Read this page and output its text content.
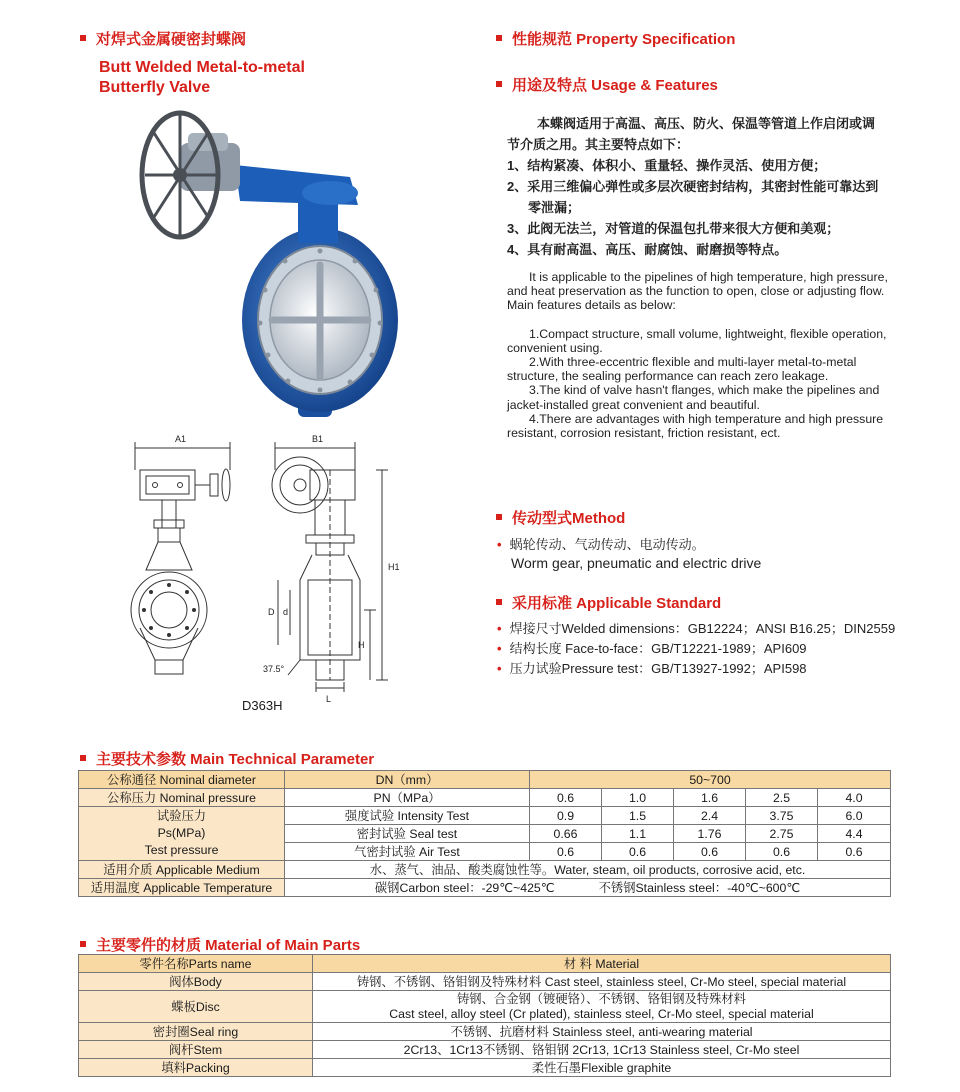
对焊式金属硬密封蝶阀
Butt Welded Metal-to-metal
Butterfly Valve
A1	B1
H1
D d
H
L
37.5°
D363H
性能规范 Property Specification
用途及特点 Usage & Features
本蝶阀适用于高温、高压、防火、保温等管道上作启闭或调
节介质之用。其主要特点如下：
1、结构紧凑、体积小、重量轻、操作灵活、使用方便；
2、采用三维偏心弹性或多层次硬密封结构，其密封性能可靠达到
零泄漏；
3、此阀无法兰，对管道的保温包扎带来很大方便和美观；
4、具有耐高温、高压、耐腐蚀、耐磨损等特点。
It is applicable to the pipelines of high temperature, high pressure, and heat preservation as the function to open, close or adjusting flow. Main features details as below:
1.Compact structure, small volume, lightweight, flexible operation, convenient using.
2.With three-eccentric flexible and multi-layer metal-to-metal structure, the sealing performance can reach zero leakage.
3.The kind of valve hasn't flanges, which make the pipelines and jacket-installed great convenient and beautiful.
4.There are advantages with high temperature and high pressure resistant, corrosion resistant, friction resistant, ect.
传动型式Method
• 蜗轮传动、气动传动、电动传动。
Worm gear, pneumatic and electric drive
采用标准 Applicable Standard
• 焊接尺寸Welded dimensions：GB12224；ANSI B16.25；DIN2559
• 结构长度 Face-to-face：GB/T12221-1989；API609
• 压力试验Pressure test：GB/T13927-1992；API598
主要技术参数 Main Technical Parameter
公称通径 Nominal diameter	DN（mm）	50~700				
公称压力 Nominal pressure	PN（MPa）	0.6	1.0	1.6	2.5	4.0

试验压力
Ps(MPa)
Test pressure	强度试验 Intensity Test	0.9	1.5	2.4	3.75	6.0
	密封试验 Seal test	0.66	1.1	1.76	2.75	4.4
	气密封试验 Air Test	0.6	0.6	0.6	0.6	0.6
适用介质 Applicable Medium	水、蒸气、油品、酸类腐蚀性等。Water, steam, oil products, corrosive acid, etc.					
适用温度 Applicable Temperature	碳钢Carbon steel：-29℃~425℃ 不锈钢Stainless steel：-40℃~600℃					
主要零件的材质 Material of Main Parts
零件名称Parts name	材 料 Material
阀体Body	铸钢、不锈钢、铬钼钢及特殊材料 Cast steel, stainless steel, Cr-Mo steel, special material
蝶板Disc	铸钢、合金钢（镀硬铬）、不锈钢、铬钼钢及特殊材料
Cast steel, alloy steel (Cr plated), stainless steel, Cr-Mo steel, special material

密封圈Seal ring	不锈钢、抗磨材料 Stainless steel, anti-wearing material
阀杆Stem	2Cr13、1Cr13不锈钢、铬钼钢 2Cr13, 1Cr13 Stainless steel, Cr-Mo steel
填料Packing	柔性石墨Flexible graphite
